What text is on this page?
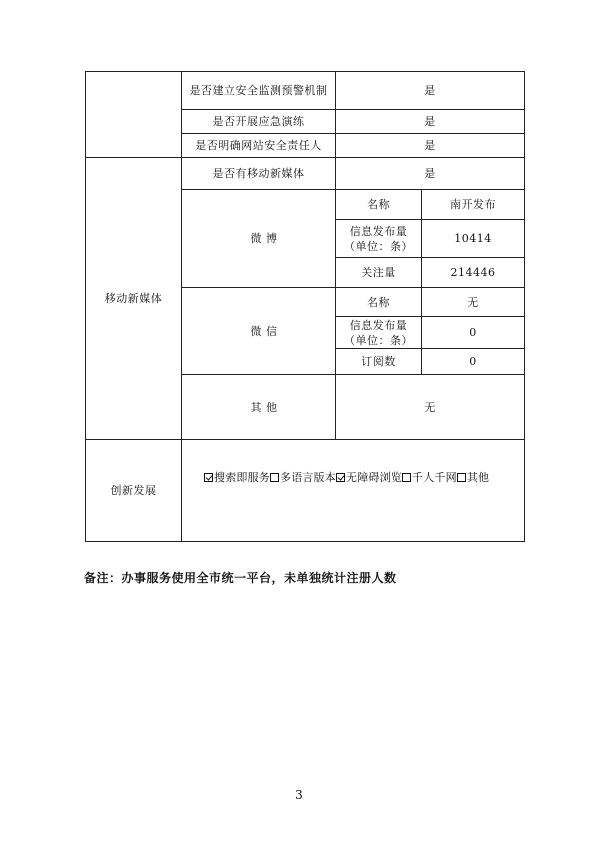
	是否建立安全监测预警机制	是	
	是否开展应急演练	是	
	是否明确网站安全责任人	是	
移动新媒体	是否有移动新媒体	是	
	微 博	名称	南开发布
		信息发布量（单位：条）	10414
		关注量	214446
	微 信	名称	无
		信息发布量（单位：条）	0
		订阅数	0
	其 他	无	
创新发展	搜索即服务 多语言版本 无障碍浏览 千人千网 其他		
备注：办事服务使用全市统一平台，未单独统计注册人数
3
